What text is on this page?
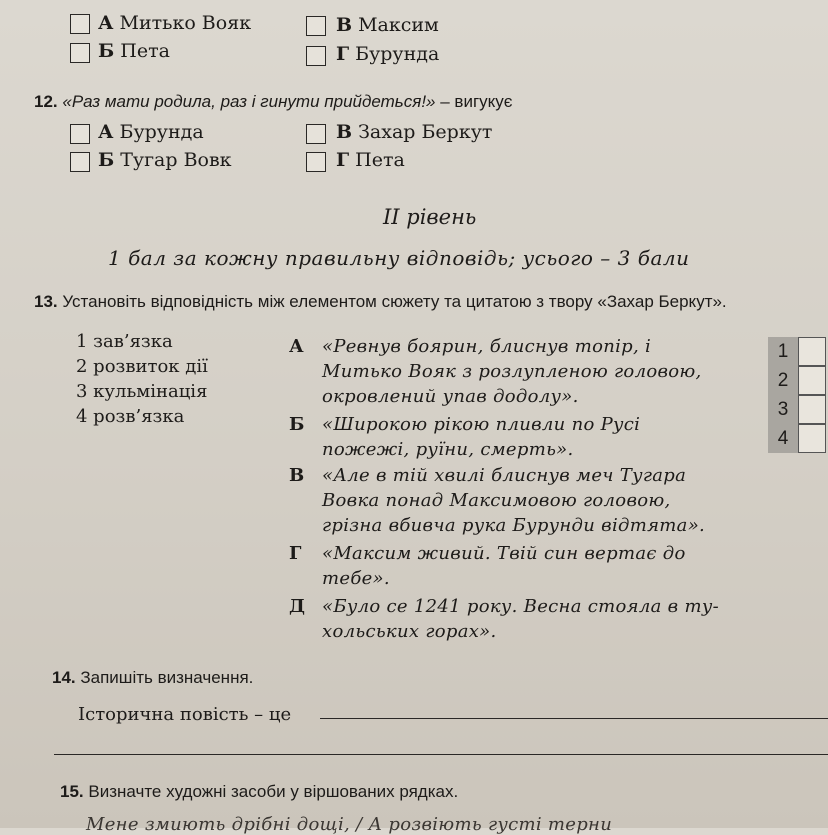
А Митько Вояк
Б Пета
В Максим
Г Бурунда
12. «Раз мати родила, раз і гинути прийдеться!» – вигукує
А Бурунда
Б Тугар Вовк
В Захар Беркут
Г Пета
ІІ рівень
1 бал за кожну правильну відповідь; усього – 3 бали
13. Установіть відповідність між елементом сюжету та цитатою з твору «Захар Беркут».
1 зав’язка
2 розвиток дії
3 кульмінація
4 розв’язка
А «Ревнув боярин, блиснув топір, і
Митько Вояк з розлупленою головою,
окровлений упав додолу».
Б «Широкою рікою пливли по Русі
пожежі, руїни, смерть».
В «Але в тій хвилі блиснув меч Тугара
Вовка понад Максимовою головою,
грізна вбивча рука Бурунди відтята».
Г «Максим живий. Твій син вертає до
тебе».
Д «Було се 1241 року. Весна стояла в ту-
хольських горах».
1
2
3
4
14. Запишіть визначення.
Історична повість – це
15. Визначте художні засоби у віршованих рядках.
Мене змиють дрібні дощі, / А розвіють густі терни
